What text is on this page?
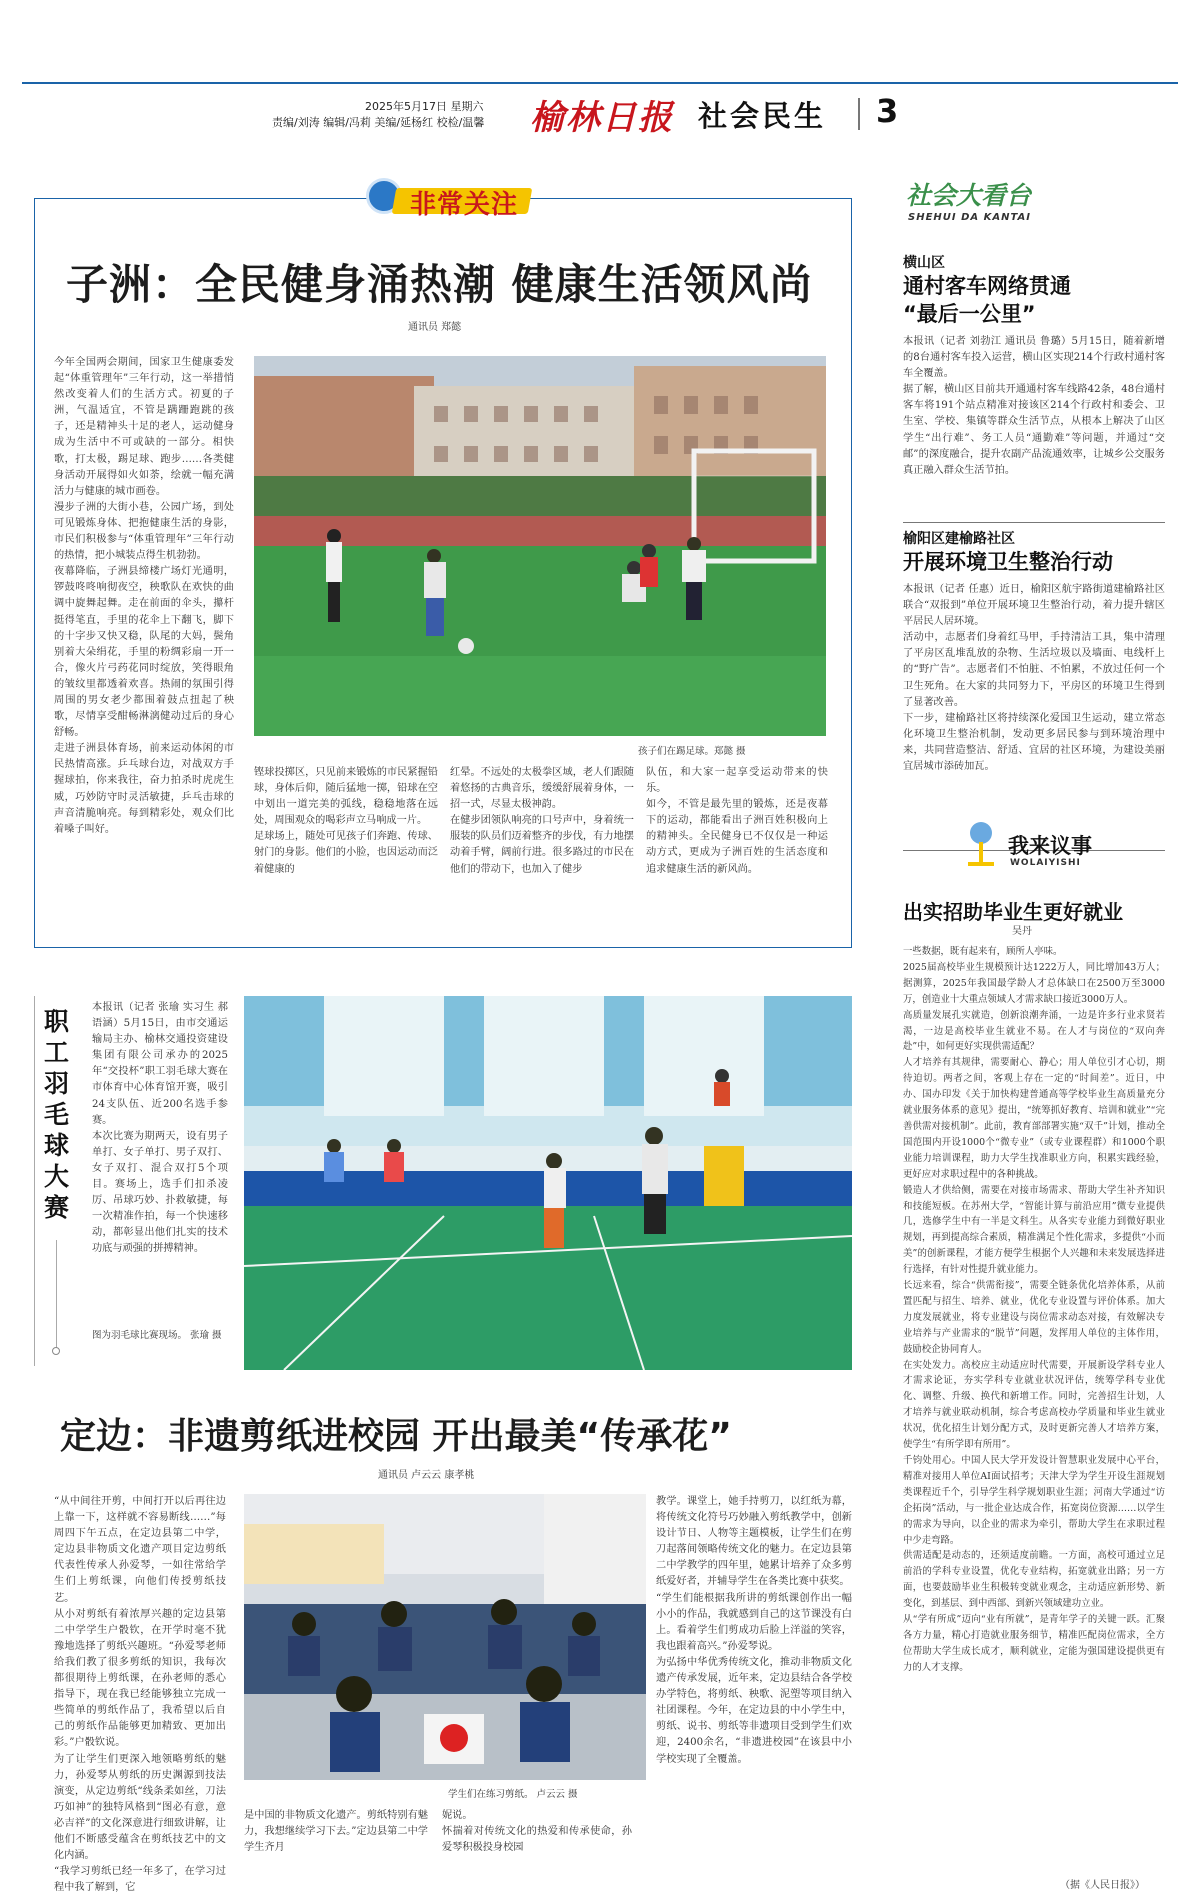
2025年5月17日 星期六
责编/刘涛 编辑/冯莉 美编/延杨红 校检/温馨 榆林日报 社会民生 3
非常关注
子洲：全民健身涌热潮 健康生活领风尚
通讯员 郑懿
今年全国两会期间，国家卫生健康委发起“体重管理年”三年行动，这一举措悄然改变着人们的生活方式。初夏的子洲，气温适宜，不管是蹒跚跑跳的孩子，还是精神头十足的老人，运动健身成为生活中不可或缺的一部分。相快歌，打太极，踢足球、跑步……各类健身活动开展得如火如荼，绘就一幅充满活力与健康的城市画卷。
漫步子洲的大街小巷，公园广场，到处可见锻炼身体、把抱健康生活的身影，市民们积极参与“体重管理年”三年行动的热情，把小城装点得生机勃勃。
夜幕降临，子洲县缔楼广场灯光通明，锣鼓咚咚响彻夜空，秧歌队在欢快的曲调中旋舞起舞。走在前面的伞头，攥杆挺得笔直，手里的花伞上下翻飞，脚下的十字步又快又稳，队尾的大妈，鬓角别着大朵绢花，手里的粉绸彩扇一开一合，像火片弓药花同时绽放，笑得眼角的皱纹里都透着欢喜。热闹的氛围引得周围的男女老少都围着鼓点扭起了秧歌，尽情享受酣畅淋漓健动过后的身心舒畅。
走进子洲县体育场，前来运动体闲的市民热情高涨。乒乓球台边，对战双方手握球拍，你来我往，奋力拍杀时虎虎生威，巧妙防守时灵活敏捷，乒乓击球的声音清脆响亮。每到精彩处，观众们比着嗓子叫好。
孩子们在踢足球。郑懿 摄
铿球投掷区，只见前来锻炼的市民紧握铅球，身体后仰，随后猛地一掷，铅球在空中划出一道完美的弧线，稳稳地落在远处，周围观众的喝彩声立马响成一片。
足球场上，随处可见孩子们奔跑、传球、射门的身影。他们的小脸，也因运动而泛着健康的
红晕。不远处的太极拳区域，老人们跟随着悠扬的古典音乐，缓缓舒展着身体，一招一式，尽显太极神韵。
在健步团领队响亮的口号声中，身着统一服装的队员们迈着整齐的步伐，有力地摆动着手臂，阔前行进。很多路过的市民在他们的带动下，也加入了健步
队伍，和大家一起享受运动带来的快乐。
如今，不管是最先里的锻炼，还是夜幕下的运动，都能看出子洲百姓积极向上的精神头。全民健身已不仅仅是一种运动方式，更成为子洲百姓的生活态度和追求健康生活的新风尚。
职工羽毛球大赛
本报讯（记者 张瑜 实习生 郝语涵）5月15日，由市交通运输局主办、榆林交通投资建设集团有限公司承办的2025年“交投杯”职工羽毛球大赛在市体育中心体育馆开赛，吸引24支队伍、近200名选手参赛。
本次比赛为期两天，设有男子单打、女子单打、男子双打、女子双打、混合双打5个项目。赛场上，选手们扣杀凌厉、吊球巧妙、扑救敏捷，每一次精准作拍，每一个快速移动，都彰显出他们扎实的技术功底与顽强的拼搏精神。
图为羽毛球比赛现场。 张瑜 摄
定边：非遗剪纸进校园 开出最美“传承花”
通讯员 卢云云 康孝桃
“从中间往开剪，中间打开以后再往边上靠一下，这样就不容易断线……”每周四下午五点，在定边县第二中学，定边县非物质文化遗产项目定边剪纸代表性传承人孙爱琴，一如往常给学生们上剪纸课，向他们传授剪纸技艺。
从小对剪纸有着浓厚兴趣的定边县第二中学学生户骰钦，在开学时毫不犹豫地选择了剪纸兴趣班。“孙爱琴老师给我们教了很多剪纸的知识，我每次都很期待上剪纸课，在孙老师的悉心指导下，现在我已经能够独立完成一些简单的剪纸作品了，我希望以后自己的剪纸作品能够更加精致、更加出彩。”户骰钦说。
为了让学生们更深入地领略剪纸的魅力，孙爱琴从剪纸的历史渊源到技法演变，从定边剪纸“线条柔如丝，刀法巧如神”的独特风格到“图必有意，意必吉祥”的文化深意进行细致讲解，让他们不断感受蕴含在剪纸技艺中的文化内涵。
“我学习剪纸已经一年多了，在学习过程中我了解到，它
学生们在练习剪纸。 卢云云 摄
是中国的非物质文化遗产。剪纸特别有魅力，我想继续学习下去。”定边县第二中学学生齐月
妮说。
怀揣着对传统文化的热爱和传承使命，孙爱琴积极投身校园
教学。课堂上，她手持剪刀，以红纸为幕，将传统文化符号巧妙融入剪纸教学中，创新设计节日、人物等主题模板，让学生们在剪刀起落间领略传统文化的魅力。在定边县第二中学教学的四年里，她累计培养了众多剪纸爱好者，并辅导学生在各类比赛中获奖。
“学生们能根据我所讲的剪纸课创作出一幅小小的作品，我就感到自己的这节课没有白上。看着学生们剪成功后脸上洋溢的笑容，我也跟着高兴。”孙爱琴说。
为弘扬中华优秀传统文化，推动非物质文化遗产传承发展，近年来，定边县结合各学校办学特色，将剪纸、秧歌、泥塑等项目纳入社团课程。今年，在定边县的中小学生中，剪纸、说书、剪纸等非遗项目受到学生们欢迎，2400余名，“非遗进校园”在该县中小学校实现了全覆盖。
社会大看台
SHEHUI DA KANTAI
横山区
通村客车网络贯通
“最后一公里”
本报讯（记者 刘勃江 通讯员 鲁璐）5月15日，随着新增的8台通村客车投入运营，横山区实现214个行政村通村客车全覆盖。
据了解，横山区目前共开通通村客车线路42条，48台通村客车将191个站点精准对接该区214个行政村和委会、卫生室、学校、集镇等群众生活节点，从根本上解决了山区学生“出行难”、务工人员“通勤难”等问题，并通过“交邮”的深度融合，提升农副产品流通效率，让城乡公交服务真正融入群众生活节拍。
榆阳区建榆路社区
开展环境卫生整治行动
本报讯（记者 任惠）近日，榆阳区航宇路街道建榆路社区联合“双报到”单位开展环境卫生整治行动，着力提升辖区平居民人居环境。
活动中，志愿者们身着红马甲，手持清洁工具，集中清理了平房区乱堆乱放的杂物、生活垃圾以及墙面、电线杆上的“野广告”。志愿者们不怕脏、不怕累，不放过任何一个卫生死角。在大家的共同努力下，平房区的环境卫生得到了显著改善。
下一步，建榆路社区将持续深化爱国卫生运动，建立常态化环境卫生整治机制，发动更多居民参与到环境治理中来，共同营造整洁、舒适、宜居的社区环境，为建设美丽宜居城市添砖加瓦。
我来议事
WOLAIYISHI
出实招助毕业生更好就业
吴丹
一些数据，既有起来有，顾所人亭味。
2025届高校毕业生规模预计达1222万人，同比增加43万人；据测算，2025年我国最学龄人才总体缺口在2500万至3000万，创造业十大重点领域人才需求缺口接近3000万人。
高质量发展孔实就造，创新浪潮奔涌，一边是许多行业求贤若渴，一边是高校毕业生就业不易。在人才与岗位的“双向奔赴”中，如何更好实现供需适配？
人才培养有其规律，需要耐心、静心；用人单位引才心切，期待迫切。两者之间，客观上存在一定的“时间差”。近日，中办、国办印发《关于加快构建普通高等学校毕业生高质量充分就业服务体系的意见》提出，“统筹抓好教育、培训和就业”“完善供需对接机制”。此前，教育部部署实施“双千”计划，推动全国范围内开设1000个“微专业”（或专业课程群）和1000个职业能力培训课程，助力大学生找准职业方向，积累实践经验，更好应对求职过程中的各种挑战。
锻造人才供给侧，需要在对接市场需求、帮助大学生补齐知识和技能短板。在苏州大学，“智能计算与前沿应用”微专业提供几，选修学生中有一半是文科生。从各实专业能力到微好职业规划，再到提高综合素质，精准满足个性化需求，多提供“小而美”的创新课程，才能方便学生根据个人兴趣和未来发展选择进行选择，有针对性提升就业能力。
长远来看，综合“供需衔接”，需要全链条优化培养体系，从前置匹配与招生、培养、就业，优化专业设置与评价体系。加大力度发展就业，将专业建设与岗位需求动态对接，有效解决专业培养与产业需求的“脱节”问题，发挥用人单位的主体作用，鼓励校企协同育人。
在实处发力。高校应主动适应时代需要，开展新设学科专业人才需求论证，夯实学科专业就业状况评估，统筹学科专业优化、调整、升级、换代和新增工作。同时，完善招生计划，人才培养与就业联动机制，综合考虑高校办学质量和毕业生就业状况，优化招生计划分配方式，及时更新完善人才培养方案，使学生“有所学即有所用”。
千钧处用心。中国人民大学开发设计智慧职业发展中心平台，精准对接用人单位AI面试招考；天津大学为学生开设生涯规划类课程近千个，引导学生科学规划职业生涯；河南大学通过“访企拓岗”活动，与一批企业达成合作，拓宽岗位资源……以学生的需求为导向，以企业的需求为牵引，帮助大学生在求职过程中少走弯路。
供需适配是动态的，还须适度前瞻。一方面，高校可通过立足前沿的学科专业设置，优化专业结构，拓宽就业出路；另一方面，也要鼓励毕业生积极转变就业观念，主动适应新形势、新变化，到基层、到中西部、到新兴领域建功立业。
从“学有所成”迈向“业有所就”，是青年学子的关键一跃。汇聚各方力量，精心打造就业服务细节，精准匹配岗位需求，全方位帮助大学生成长成才，顺利就业，定能为强国建设提供更有力的人才支撑。
（据《人民日报》）
